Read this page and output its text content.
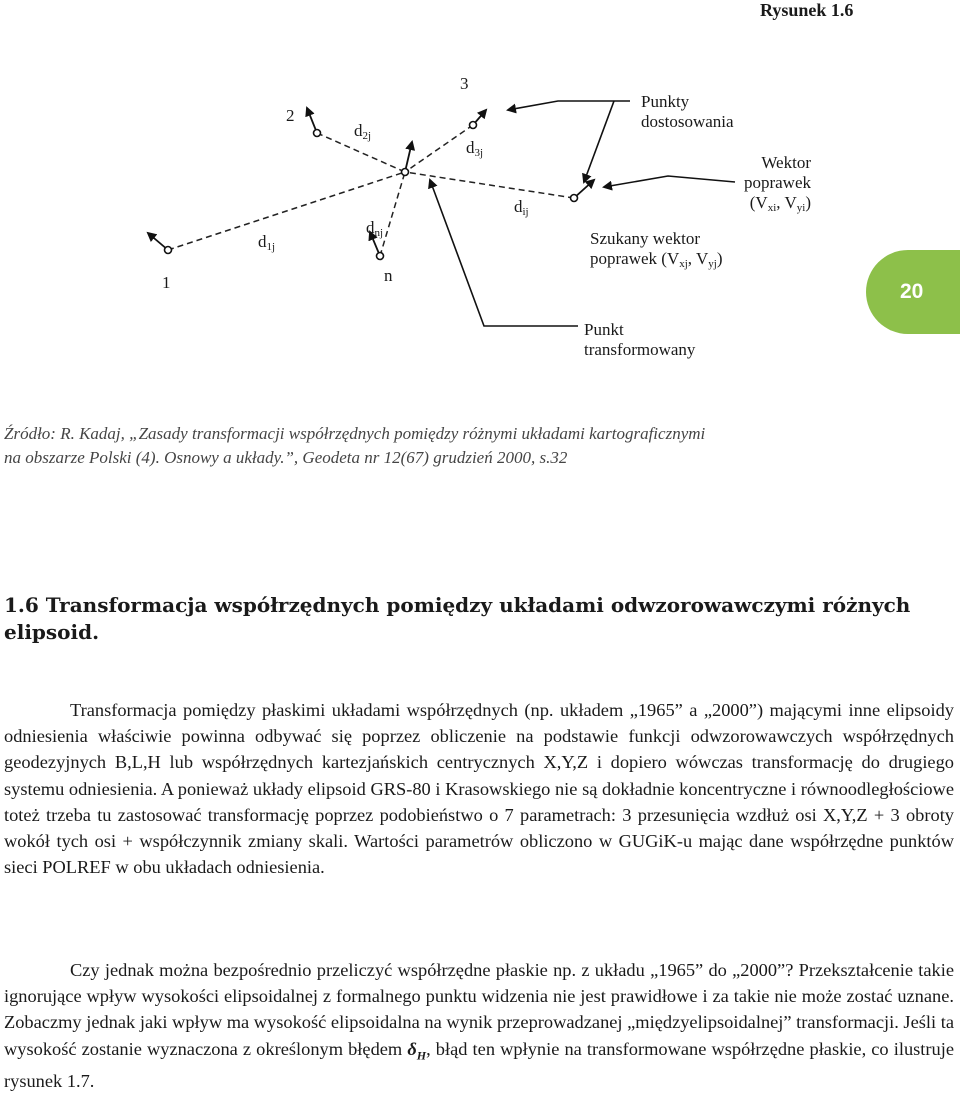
Rysunek 1.6
1
2
3
n
$d_{1j}$
$d_{2j}$
$d_{3j}$
$d_{nj}$
$d_{ij}$
Punkty
dostosowania
Wektor
poprawek
($V_{xi}$, $V_{yi}$)
Szukany wektor
poprawek ($V_{xj}$, $V_{yj}$)
Punkt
transformowany
20
Źródło: R. Kadaj, „Zasady transformacji współrzędnych pomiędzy różnymi układami kartograficznymi
na obszarze Polski (4). Osnowy a układy.”, Geodeta nr 12(67) grudzień 2000, s.32
1.6 Transformacja współrzędnych pomiędzy układami odwzorowawczymi różnych elipsoid.

Transformacja pomiędzy płaskimi układami współrzędnych (np. układem „1965” a „2000”) mającymi inne elipsoidy odniesienia właściwie powinna odbywać się poprzez obliczenie na podstawie funkcji odwzorowawczych współrzędnych geodezyjnych B,L,H lub współrzędnych kartezjańskich centrycznych X,Y,Z i dopiero wówczas transformację do drugiego systemu odniesienia. A ponieważ układy elipsoid GRS-80 i Krasowskiego nie są dokładnie koncentryczne i równoodległościowe toteż trzeba tu zastosować transformację poprzez podobieństwo o 7 parametrach: 3 przesunięcia wzdłuż osi X,Y,Z + 3 obroty wokół tych osi + współczynnik zmiany skali. Wartości parametrów obliczono w GUGiK-u mając dane współrzędne punktów sieci POLREF w obu układach odniesienia.

Czy jednak można bezpośrednio przeliczyć współrzędne płaskie np. z układu „1965” do „2000”? Przekształcenie takie ignorujące wpływ wysokości elipsoidalnej z formalnego punktu widzenia nie jest prawidłowe i za takie nie może zostać uznane. Zobaczmy jednak jaki wpływ ma wysokość elipsoidalna na wynik przeprowadzanej „międzyelipsoidalnej” transformacji. Jeśli ta wysokość zostanie wyznaczona z określonym błędem $\delta_H$, błąd ten wpłynie na transformowane współrzędne płaskie, co ilustruje rysunek 1.7.
